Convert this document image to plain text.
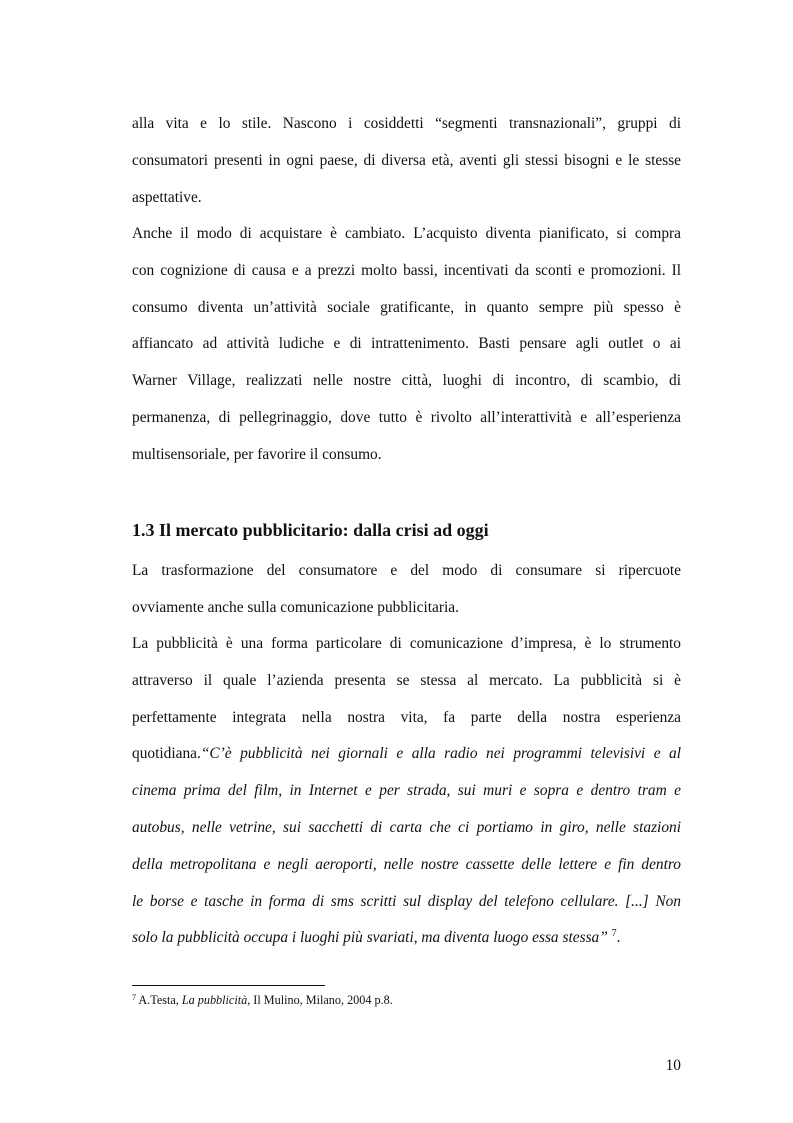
alla vita e lo stile. Nascono i cosiddetti “segmenti transnazionali”, gruppi di
consumatori presenti in ogni paese, di diversa età, aventi gli stessi bisogni e le stesse
aspettative.

Anche il modo di acquistare è cambiato. L’acquisto diventa pianificato, si compra
con cognizione di causa e a prezzi molto bassi, incentivati da sconti e promozioni. Il
consumo diventa un’attività sociale gratificante, in quanto sempre più spesso è
affiancato ad attività ludiche e di intrattenimento. Basti pensare agli outlet o ai
Warner Village, realizzati nelle nostre città, luoghi di incontro, di scambio, di
permanenza, di pellegrinaggio, dove tutto è rivolto all’interattività e all’esperienza
multisensoriale, per favorire il consumo.

1.3 Il mercato pubblicitario: dalla crisi ad oggi

La trasformazione del consumatore e del modo di consumare si ripercuote
ovviamente anche sulla comunicazione pubblicitaria.

La pubblicità è una forma particolare di comunicazione d’impresa, è lo strumento
attraverso il quale l’azienda presenta se stessa al mercato. La pubblicità si è
perfettamente integrata nella nostra vita, fa parte della nostra esperienza
quotidiana.“C’è pubblicità nei giornali e alla radio nei programmi televisivi e al
cinema prima del film, in Internet e per strada, sui muri e sopra e dentro tram e
autobus, nelle vetrine, sui sacchetti di carta che ci portiamo in giro, nelle stazioni
della metropolitana e negli aeroporti, nelle nostre cassette delle lettere e fin dentro
le borse e tasche in forma di sms scritti sul display del telefono cellulare. [...] Non
solo la pubblicità occupa i luoghi più svariati, ma diventa luogo essa stessa” $^7$.

$^7$ A.Testa, La pubblicità, Il Mulino, Milano, 2004 p.8.
10
